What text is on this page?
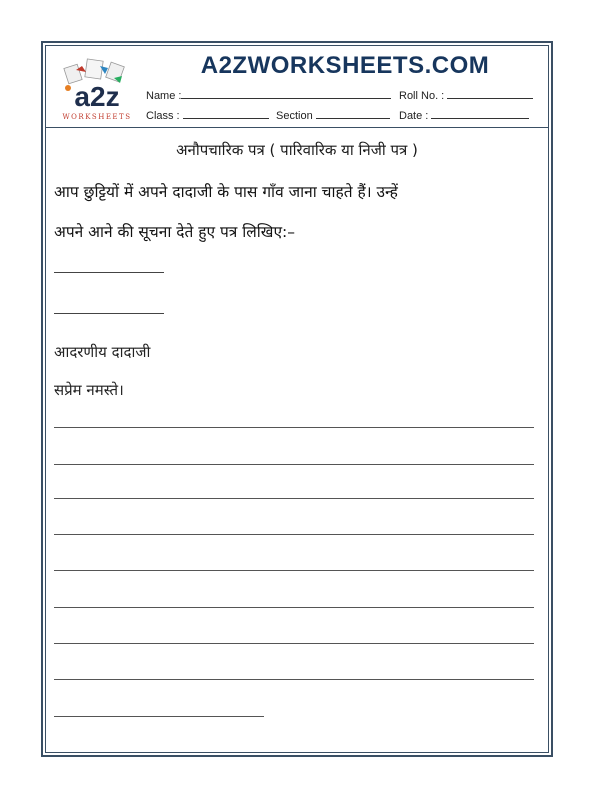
a2z
WORKSHEETS
A2ZWORKSHEETS.COM
Name :	Roll No. :
Class :	Section	Date :
अनौपचारिक पत्र ( पारिवारिक या निजी पत्र )
आप छुट्टियों में अपने दादाजी के पास गाँव जाना चाहते हैं। उन्हें
अपने आने की सूचना देते हुए पत्र लिखिए:–
आदरणीय दादाजी
सप्रेम नमस्ते।
